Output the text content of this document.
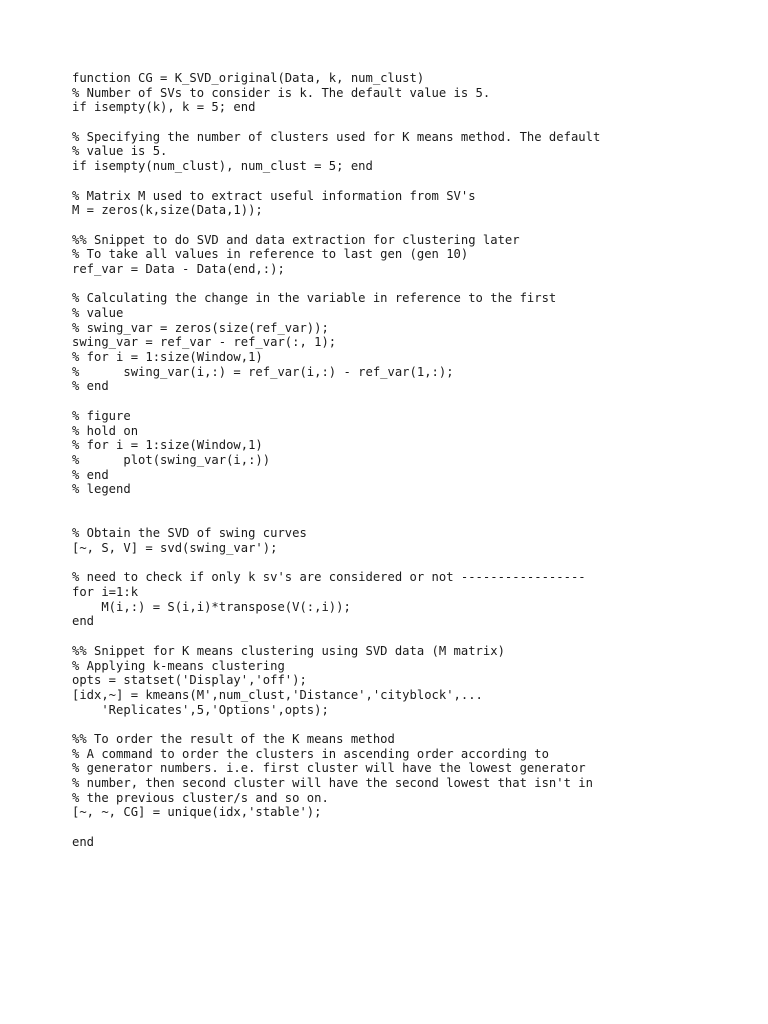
function CG = K_SVD_original(Data, k, num_clust)
% Number of SVs to consider is k. The default value is 5.
if isempty(k), k = 5; end
% Specifying the number of clusters used for K means method. The default
% value is 5.
if isempty(num_clust), num_clust = 5; end
% Matrix M used to extract useful information from SV's
M = zeros(k,size(Data,1));
%% Snippet to do SVD and data extraction for clustering later
% To take all values in reference to last gen (gen 10)
ref_var = Data - Data(end,:);
% Calculating the change in the variable in reference to the first
% value
% swing_var = zeros(size(ref_var));
swing_var = ref_var - ref_var(:, 1);
% for i = 1:size(Window,1)
%      swing_var(i,:) = ref_var(i,:) - ref_var(1,:);
% end
% figure
% hold on
% for i = 1:size(Window,1)
%      plot(swing_var(i,:))
% end
% legend
% Obtain the SVD of swing curves
[~, S, V] = svd(swing_var');
% need to check if only k sv's are considered or not -----------------
for i=1:k
M(i,:) = S(i,i)*transpose(V(:,i));
end
%% Snippet for K means clustering using SVD data (M matrix)
% Applying k-means clustering
opts = statset('Display','off');
[idx,~] = kmeans(M',num_clust,'Distance','cityblock',...
'Replicates',5,'Options',opts);
%% To order the result of the K means method
% A command to order the clusters in ascending order according to
% generator numbers. i.e. first cluster will have the lowest generator
% number, then second cluster will have the second lowest that isn't in
% the previous cluster/s and so on.
[~, ~, CG] = unique(idx,'stable');
end
